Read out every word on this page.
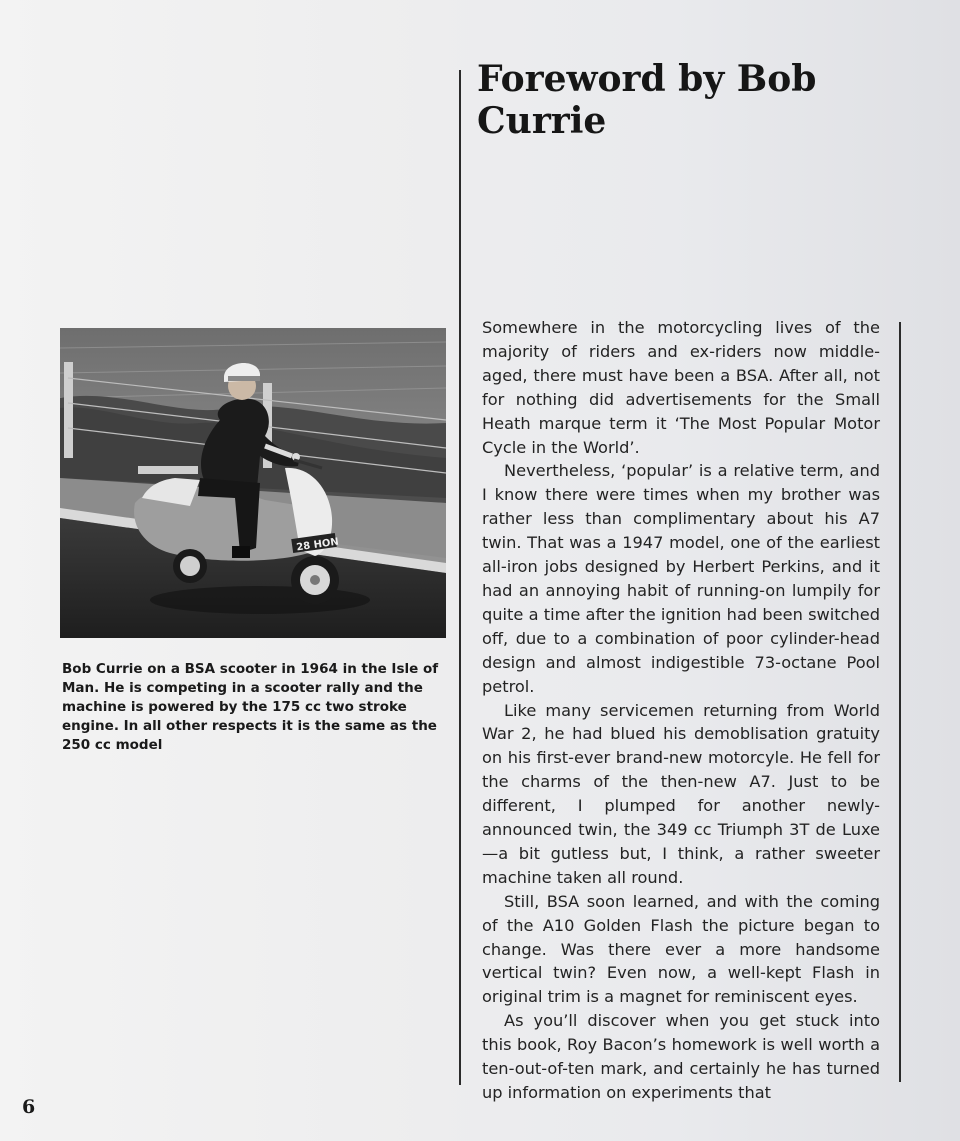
Foreword by Bob Currie
28 HON
Bob Currie on a BSA scooter in 1964 in the Isle of Man. He is competing in a scooter rally and the machine is powered by the 175 cc two stroke engine. In all other respects it is the same as the 250 cc model

Somewhere in the motorcycling lives of the majority of riders and ex-riders now middle-aged, there must have been a BSA. After all, not for nothing did advertisements for the Small Heath marque term it ‘The Most Popular Motor Cycle in the World’.

Nevertheless, ‘popular’ is a relative term, and I know there were times when my brother was rather less than complimentary about his A7 twin. That was a 1947 model, one of the earliest all-iron jobs designed by Herbert Perkins, and it had an annoying habit of running-on lumpily for quite a time after the ignition had been switched off, due to a combination of poor cylinder-head design and almost indigestible 73-octane Pool petrol.

Like many servicemen returning from World War 2, he had blued his demoblisation gratuity on his first-ever brand-new motorcyle. He fell for the charms of the then-new A7. Just to be different, I plumped for another newly-announced twin, the 349 cc Triumph 3T de Luxe—a bit gutless but, I think, a rather sweeter machine taken all round.

Still, BSA soon learned, and with the coming of the A10 Golden Flash the picture began to change. Was there ever a more handsome vertical twin? Even now, a well-kept Flash in original trim is a magnet for reminiscent eyes.

As you’ll discover when you get stuck into this book, Roy Bacon’s homework is well worth a ten-out-of-ten mark, and certainly he has turned up information on experiments that

6
